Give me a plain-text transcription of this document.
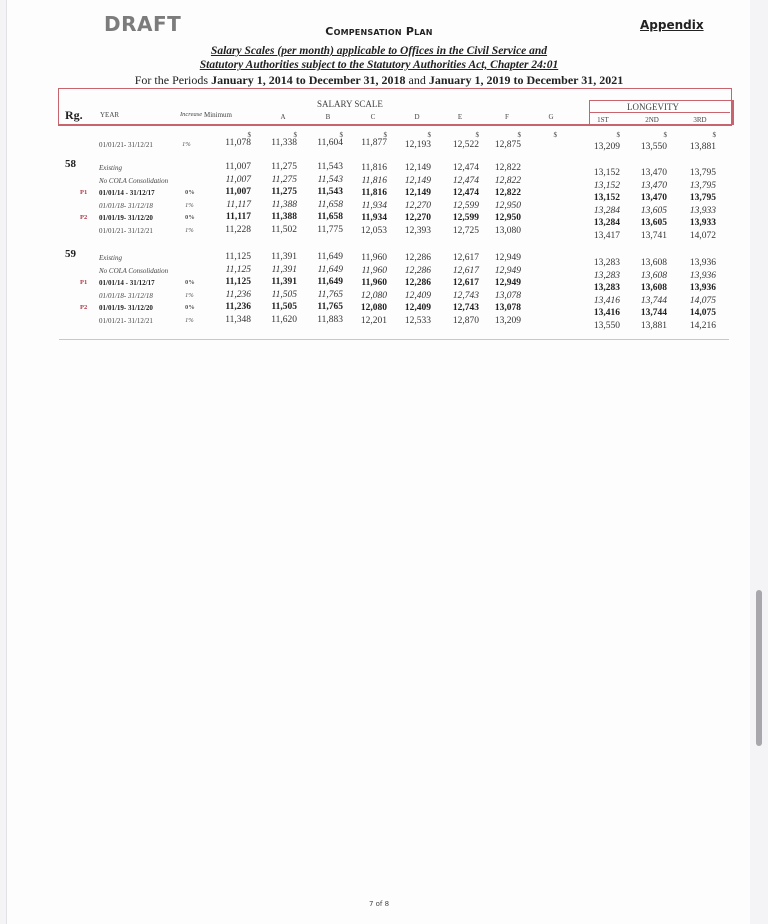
DRAFT	Appendix
Compensation Plan
Salary Scales (per month) applicable to Offices in the Civil Service and
Statutory Authorities subject to the Statutory Authorities Act, Chapter 24:01
For the Periods January 1, 2014 to December 31, 2018 and January 1, 2019 to December 31, 2021
Rg. YEAR	Increase Minimum
SALARY SCALE
A	B	C	D	E	F	G
LONGEVITY
1ST	2ND	3RD
$	$	$	$	$	$	$	$	$	$	$
01/01/21- 31/12/21	1%	11,078	11,338	11,604	11,877	12,193	12,522	12,875	13,209	13,550	13,881
58	Existing	11,007	11,275	11,543	11,816	12,149	12,474	12,822	13,152	13,470	13,795
No COLA Consolidation	11,007	11,275	11,543	11,816	12,149	12,474	12,822	13,152	13,470	13,795
P1 01/01/14 - 31/12/17	0%	11,007	11,275	11,543	11,816	12,149	12,474	12,822	13,152	13,470	13,795
01/01/18- 31/12/18	1%	11,117	11,388	11,658	11,934	12,270	12,599	12,950	13,284	13,605	13,933
P2 01/01/19- 31/12/20	0%	11,117	11,388	11,658	11,934	12,270	12,599	12,950	13,284	13,605	13,933
01/01/21- 31/12/21	1%	11,228	11,502	11,775	12,053	12,393	12,725	13,080	13,417	13,741	14,072
59	Existing	11,125	11,391	11,649	11,960	12,286	12,617	12,949	13,283	13,608	13,936
No COLA Consolidation	11,125	11,391	11,649	11,960	12,286	12,617	12,949	13,283	13,608	13,936
P1 01/01/14 - 31/12/17	0%	11,125	11,391	11,649	11,960	12,286	12,617	12,949	13,283	13,608	13,936
01/01/18- 31/12/18	1%	11,236	11,505	11,765	12,080	12,409	12,743	13,078	13,416	13,744	14,075
P2 01/01/19- 31/12/20	0%	11,236	11,505	11,765	12,080	12,409	12,743	13,078	13,416	13,744	14,075
01/01/21- 31/12/21	1%	11,348	11,620	11,883	12,201	12,533	12,870	13,209	13,550	13,881	14,216
7 of 8
